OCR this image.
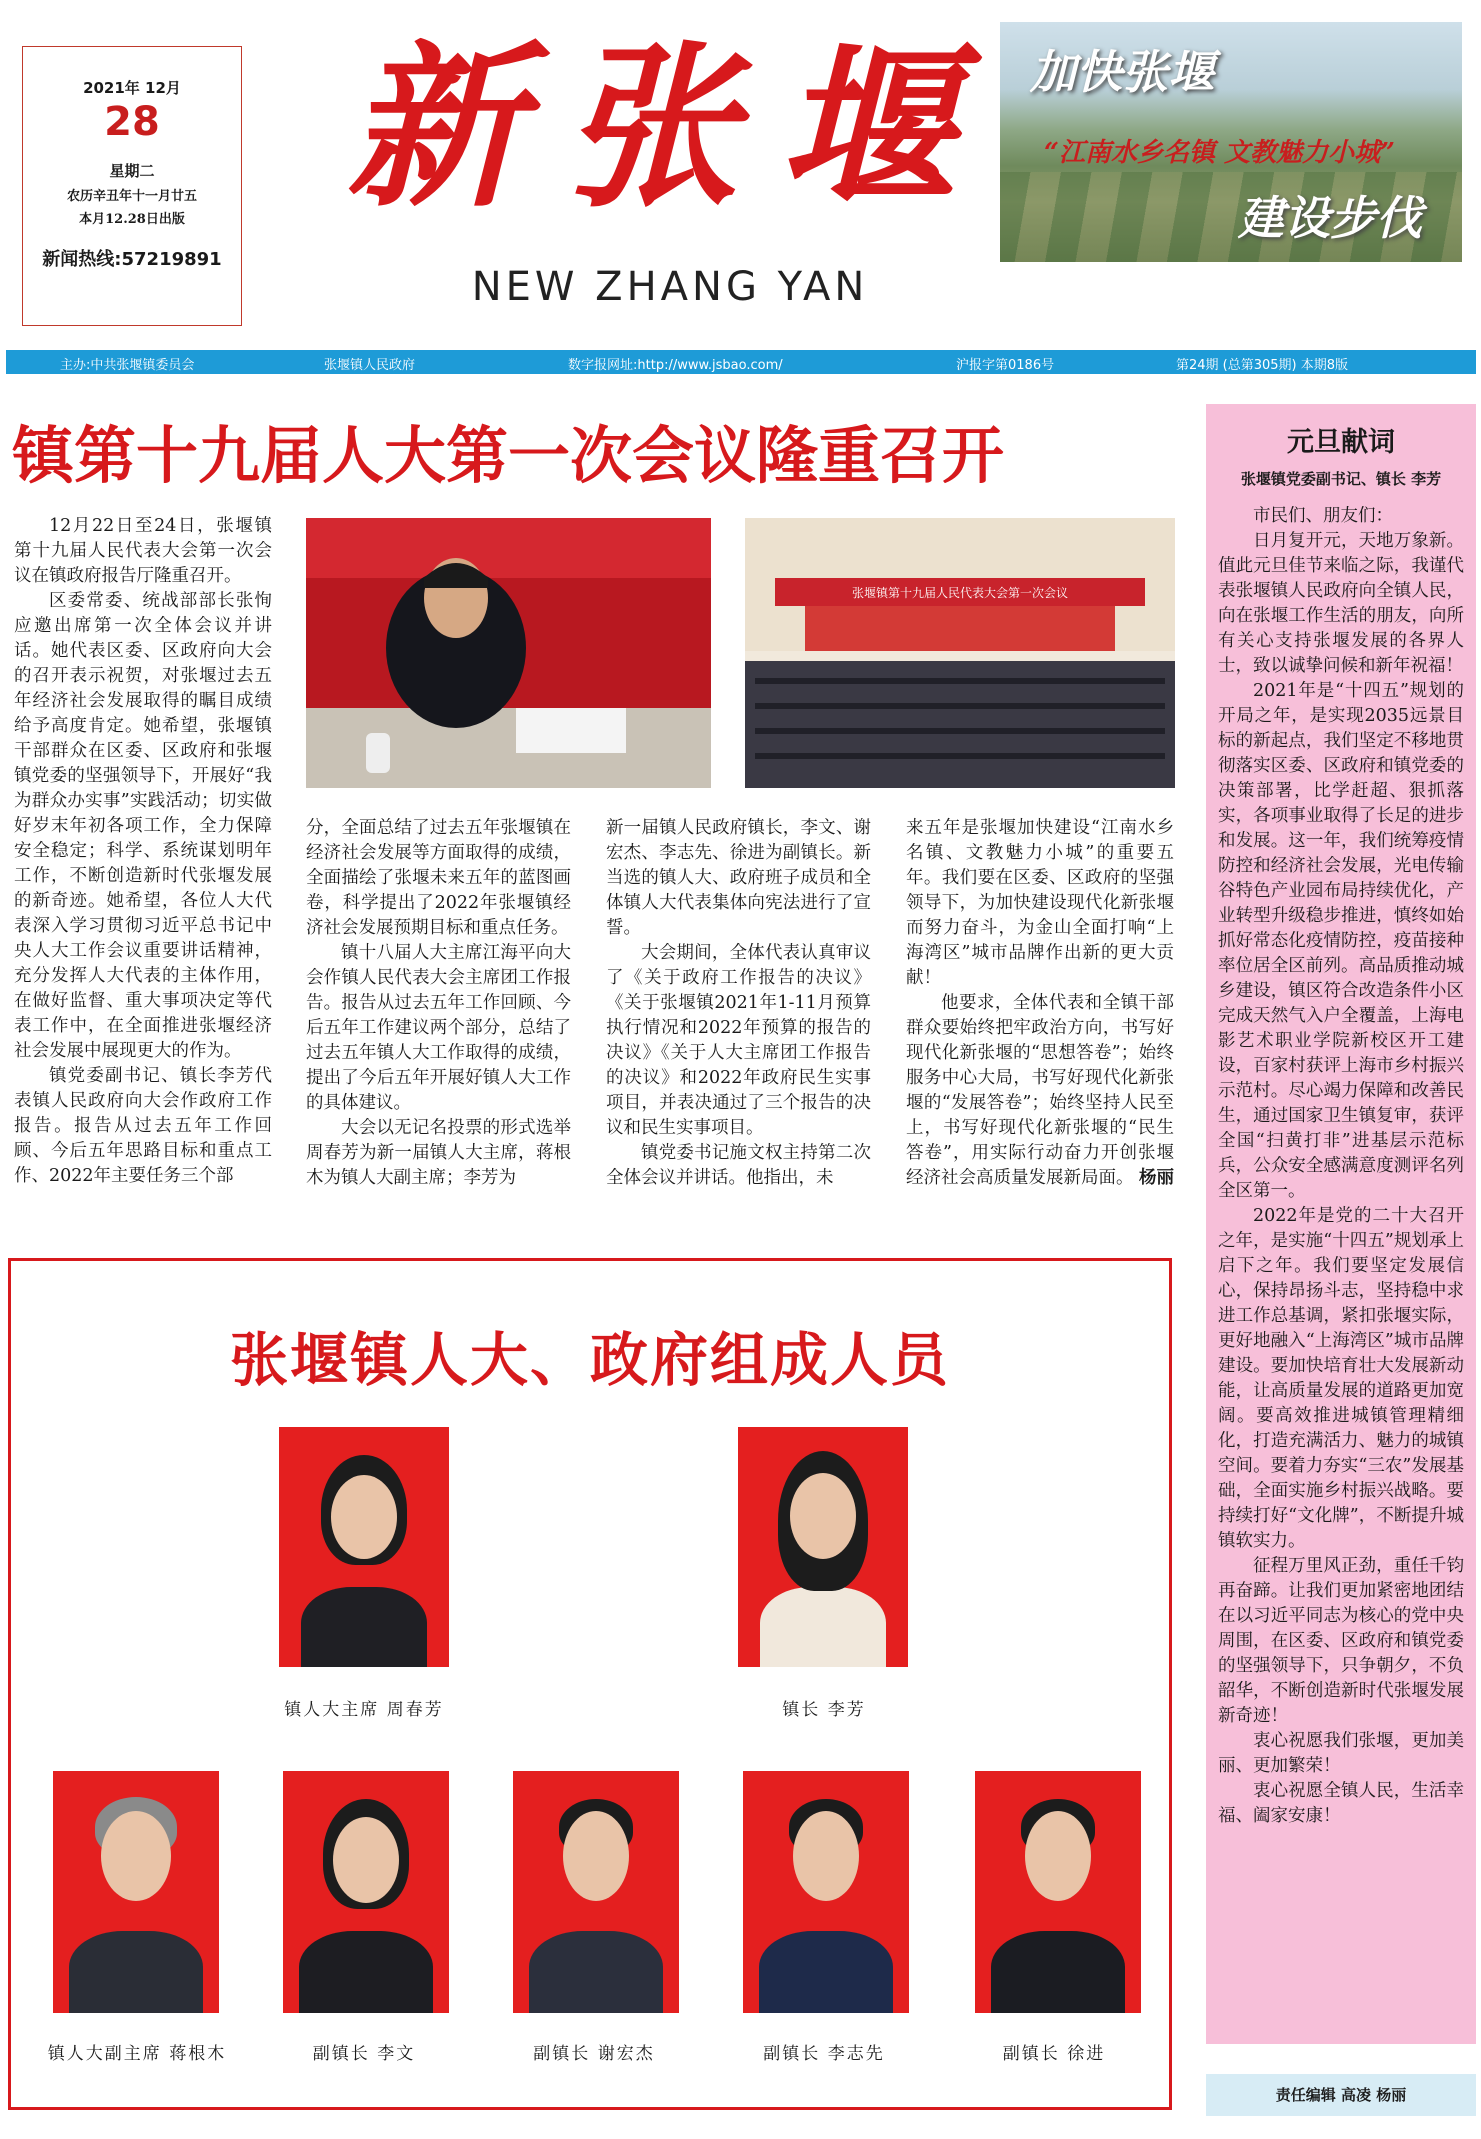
2021年 12月
28
星期二
农历辛丑年十一月廿五
本月12.28日出版
新闻热线:57219891
新张堰
NEW ZHANG YAN
加快张堰
“江南水乡名镇 文教魅力小城”
建设步伐
主办:中共张堰镇委员会	张堰镇人民政府	数字报网址:http://www.jsbao.com/	沪报字第0186号	第24期 (总第305期) 本期8版
镇第十九届人大第一次会议隆重召开
张堰镇第十九届人民代表大会第一次会议

12月22日至24日，张堰镇第十九届人民代表大会第一次会议在镇政府报告厅隆重召开。

区委常委、统战部部长张恂应邀出席第一次全体会议并讲话。她代表区委、区政府向大会的召开表示祝贺，对张堰过去五年经济社会发展取得的瞩目成绩给予高度肯定。她希望，张堰镇干部群众在区委、区政府和张堰镇党委的坚强领导下，开展好“我为群众办实事”实践活动；切实做好岁末年初各项工作，全力保障安全稳定；科学、系统谋划明年工作，不断创造新时代张堰发展的新奇迹。她希望，各位人大代表深入学习贯彻习近平总书记中央人大工作会议重要讲话精神，充分发挥人大代表的主体作用，在做好监督、重大事项决定等代表工作中，在全面推进张堰经济社会发展中展现更大的作为。

镇党委副书记、镇长李芳代表镇人民政府向大会作政府工作报告。报告从过去五年工作回顾、今后五年思路目标和重点工作、2022年主要任务三个部

分，全面总结了过去五年张堰镇在经济社会发展等方面取得的成绩，全面描绘了张堰未来五年的蓝图画卷，科学提出了2022年张堰镇经济社会发展预期目标和重点任务。

镇十八届人大主席江海平向大会作镇人民代表大会主席团工作报告。报告从过去五年工作回顾、今后五年工作建议两个部分，总结了过去五年镇人大工作取得的成绩，提出了今后五年开展好镇人大工作的具体建议。

大会以无记名投票的形式选举周春芳为新一届镇人大主席，蒋根木为镇人大副主席；李芳为

新一届镇人民政府镇长，李文、谢宏杰、李志先、徐进为副镇长。新当选的镇人大、政府班子成员和全体镇人大代表集体向宪法进行了宣誓。

大会期间，全体代表认真审议了《关于政府工作报告的决议》《关于张堰镇2021年1-11月预算执行情况和2022年预算的报告的决议》《关于人大主席团工作报告的决议》和2022年政府民生实事项目，并表决通过了三个报告的决议和民生实事项目。

镇党委书记施文权主持第二次全体会议并讲话。他指出，未

来五年是张堰加快建设“江南水乡名镇、文教魅力小城”的重要五年。我们要在区委、区政府的坚强领导下，为加快建设现代化新张堰而努力奋斗，为金山全面打响“上海湾区”城市品牌作出新的更大贡献！

他要求，全体代表和全镇干部群众要始终把牢政治方向，书写好现代化新张堰的“思想答卷”；始终服务中心大局，书写好现代化新张堰的“发展答卷”；始终坚持人民至上，书写好现代化新张堰的“民生答卷”，用实际行动奋力开创张堰经济社会高质量发展新局面。 杨丽
元旦献词
张堰镇党委副书记、镇长 李芳

市民们、朋友们：

日月复开元，天地万象新。值此元旦佳节来临之际，我谨代表张堰镇人民政府向全镇人民，向在张堰工作生活的朋友，向所有关心支持张堰发展的各界人士，致以诚挚问候和新年祝福！

2021年是“十四五”规划的开局之年，是实现2035远景目标的新起点，我们坚定不移地贯彻落实区委、区政府和镇党委的决策部署，比学赶超、狠抓落实，各项事业取得了长足的进步和发展。这一年，我们统筹疫情防控和经济社会发展，光电传输谷特色产业园布局持续优化，产业转型升级稳步推进，慎终如始抓好常态化疫情防控，疫苗接种率位居全区前列。高品质推动城乡建设，镇区符合改造条件小区完成天然气入户全覆盖，上海电影艺术职业学院新校区开工建设，百家村获评上海市乡村振兴示范村。尽心竭力保障和改善民生，通过国家卫生镇复审，获评全国“扫黄打非”进基层示范标兵，公众安全感满意度测评名列全区第一。

2022年是党的二十大召开之年，是实施“十四五”规划承上启下之年。我们要坚定发展信心，保持昂扬斗志，坚持稳中求进工作总基调，紧扣张堰实际，更好地融入“上海湾区”城市品牌建设。要加快培育壮大发展新动能，让高质量发展的道路更加宽阔。要高效推进城镇管理精细化，打造充满活力、魅力的城镇空间。要着力夯实“三农”发展基础，全面实施乡村振兴战略。要持续打好“文化牌”，不断提升城镇软实力。

征程万里风正劲，重任千钧再奋蹄。让我们更加紧密地团结在以习近平同志为核心的党中央周围，在区委、区政府和镇党委的坚强领导下，只争朝夕，不负韶华，不断创造新时代张堰发展新奇迹！

衷心祝愿我们张堰，更加美丽、更加繁荣！

衷心祝愿全镇人民，生活幸福、阖家安康！

责任编辑 高凌 杨丽
张堰镇人大、政府组成人员
镇人大主席 周春芳	镇长 李芳
镇人大副主席 蒋根木	副镇长 李文	副镇长 谢宏杰	副镇长 李志先	副镇长 徐进
